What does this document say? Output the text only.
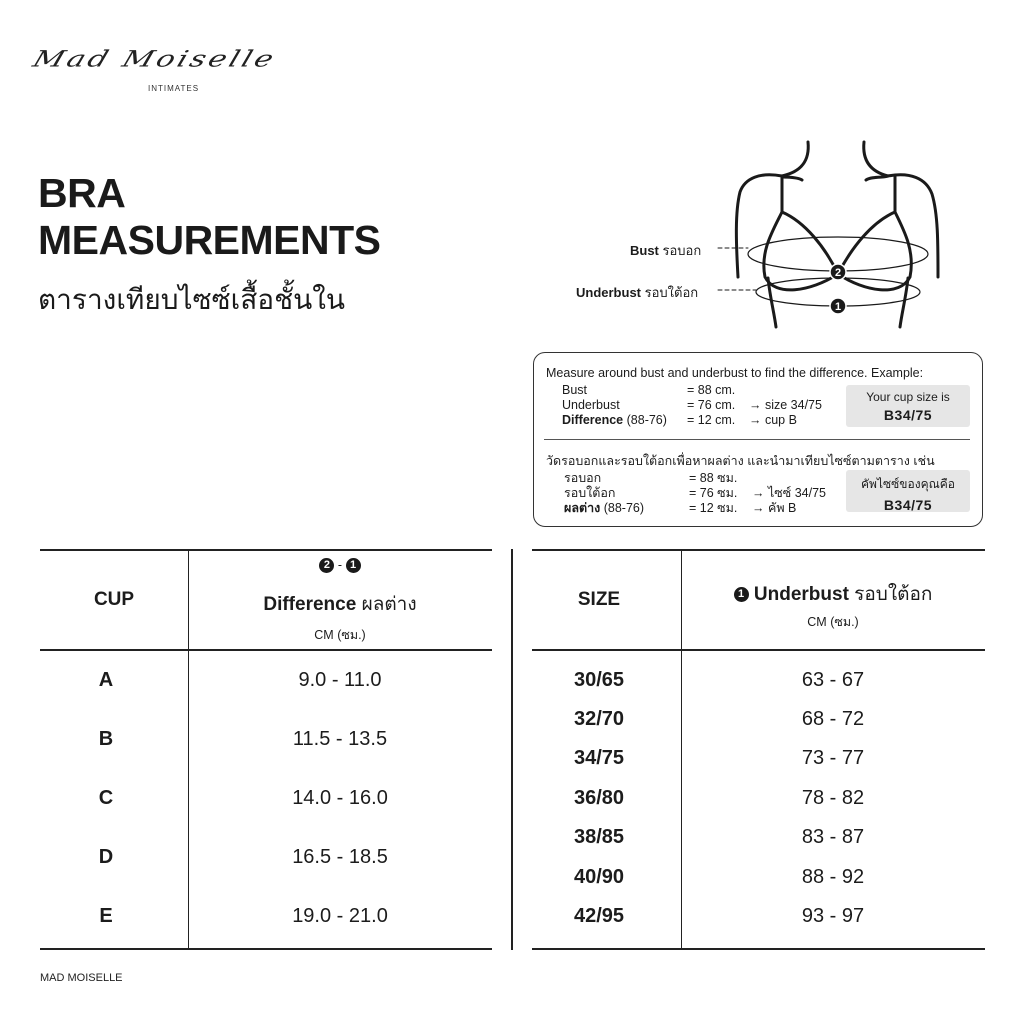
Mad Moiselle
INTIMATES
BRA
MEASUREMENTS
ตารางเทียบไซซ์เสื้อชั้นใน
2
1
Bust รอบอก
Underbust รอบใต้อก
Measure around bust and underbust to find the difference. Example:
Bust	= 88 cm.
Underbust	= 76 cm. → size 34/75
Difference (88-76) = 12 cm. → cup B
Your cup size is
B34/75
วัดรอบอกและรอบใต้อกเพื่อหาผลต่าง และนำมาเทียบไซซ์ตามตาราง เช่น
รอบอก	= 88 ซม.
รอบใต้อก	= 76 ซม. → ไซซ์ 34/75
ผลต่าง (88-76)	= 12 ซม. → คัพ B
คัพไซซ์ของคุณคือ
B34/75
CUP
2 - 1
Difference ผลต่าง
CM (ซม.)
A	9.0 - 11.0
B	11.5 - 13.5
C	14.0 - 16.0
D	16.5 - 18.5
E	19.0 - 21.0
SIZE	1 Underbust รอบใต้อก
CM (ซม.)
30/65	63 - 67
32/70	68 - 72
34/75	73 - 77
36/80	78 - 82
38/85	83 - 87
40/90	88 - 92
42/95	93 - 97
MAD MOISELLE
